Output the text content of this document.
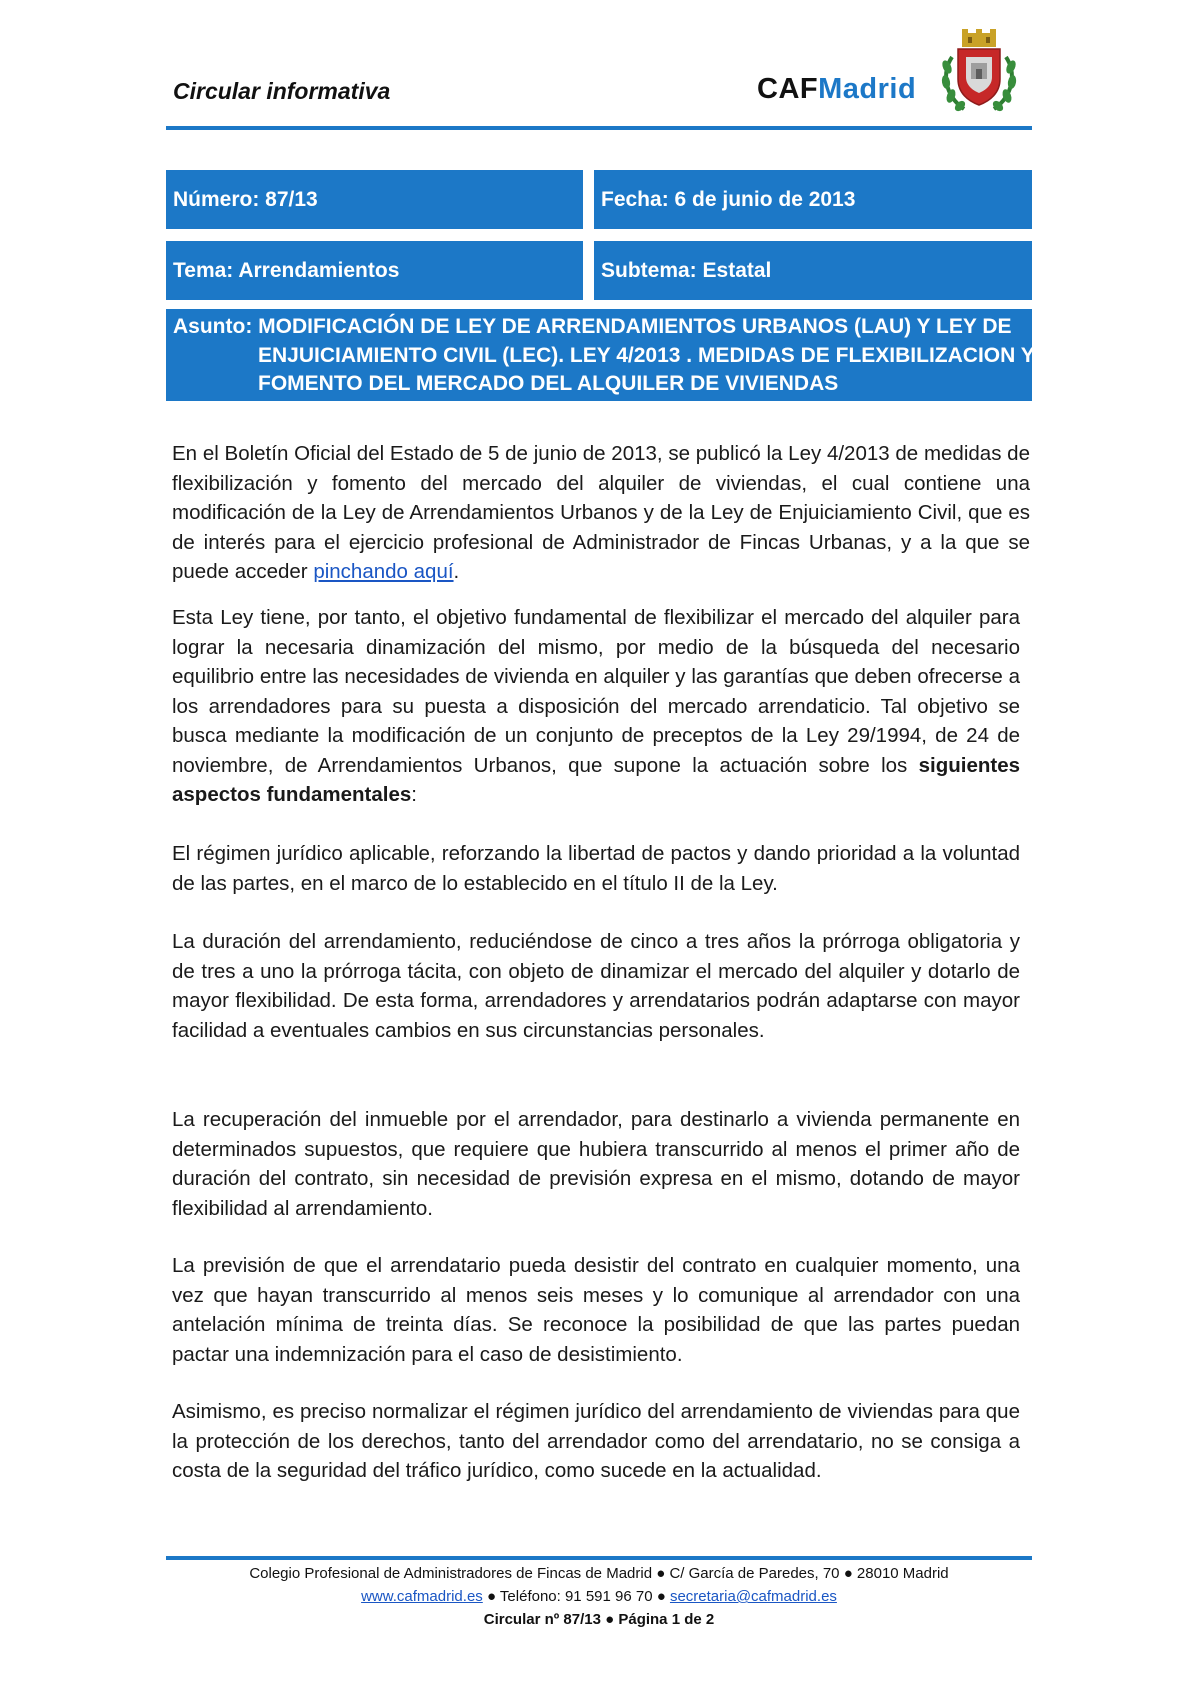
Circular informativa	CAFMadrid
Número: 87/13	Fecha: 6 de junio de 2013
Tema: Arrendamientos	Subtema: Estatal
Asunto: MODIFICACIÓN DE LEY DE ARRENDAMIENTOS URBANOS (LAU) Y LEY DE
ENJUICIAMIENTO CIVIL (LEC). LEY 4/2013 . MEDIDAS DE FLEXIBILIZACION Y
FOMENTO DEL MERCADO DEL ALQUILER DE VIVIENDAS

En el Boletín Oficial del Estado de 5 de junio de 2013, se publicó la Ley 4/2013 de medidas de flexibilización y fomento del mercado del alquiler de viviendas, el cual contiene una modificación de la Ley de Arrendamientos Urbanos y de la Ley de Enjuiciamiento Civil, que es de interés para el ejercicio profesional de Administrador de Fincas Urbanas, y a la que se puede acceder pinchando aquí.

Esta Ley tiene, por tanto, el objetivo fundamental de flexibilizar el mercado del alquiler para lograr la necesaria dinamización del mismo, por medio de la búsqueda del necesario equilibrio entre las necesidades de vivienda en alquiler y las garantías que deben ofrecerse a los arrendadores para su puesta a disposición del mercado arrendaticio. Tal objetivo se busca mediante la modificación de un conjunto de preceptos de la Ley 29/1994, de 24 de noviembre, de Arrendamientos Urbanos, que supone la actuación sobre los siguientes aspectos fundamentales:

El régimen jurídico aplicable, reforzando la libertad de pactos y dando prioridad a la voluntad de las partes, en el marco de lo establecido en el título II de la Ley.

La duración del arrendamiento, reduciéndose de cinco a tres años la prórroga obligatoria y de tres a uno la prórroga tácita, con objeto de dinamizar el mercado del alquiler y dotarlo de mayor flexibilidad. De esta forma, arrendadores y arrendatarios podrán adaptarse con mayor facilidad a eventuales cambios en sus circunstancias personales.

La recuperación del inmueble por el arrendador, para destinarlo a vivienda permanente en determinados supuestos, que requiere que hubiera transcurrido al menos el primer año de duración del contrato, sin necesidad de previsión expresa en el mismo, dotando de mayor flexibilidad al arrendamiento.

La previsión de que el arrendatario pueda desistir del contrato en cualquier momento, una vez que hayan transcurrido al menos seis meses y lo comunique al arrendador con una antelación mínima de treinta días. Se reconoce la posibilidad de que las partes puedan pactar una indemnización para el caso de desistimiento.

Asimismo, es preciso normalizar el régimen jurídico del arrendamiento de viviendas para que la protección de los derechos, tanto del arrendador como del arrendatario, no se consiga a costa de la seguridad del tráfico jurídico, como sucede en la actualidad.

Colegio Profesional de Administradores de Fincas de Madrid ● C/ García de Paredes, 70 ● 28010 Madrid
www.cafmadrid.es ● Teléfono: 91 591 96 70 ● secretaria@cafmadrid.es
Circular nº 87/13 ● Página 1 de 2
